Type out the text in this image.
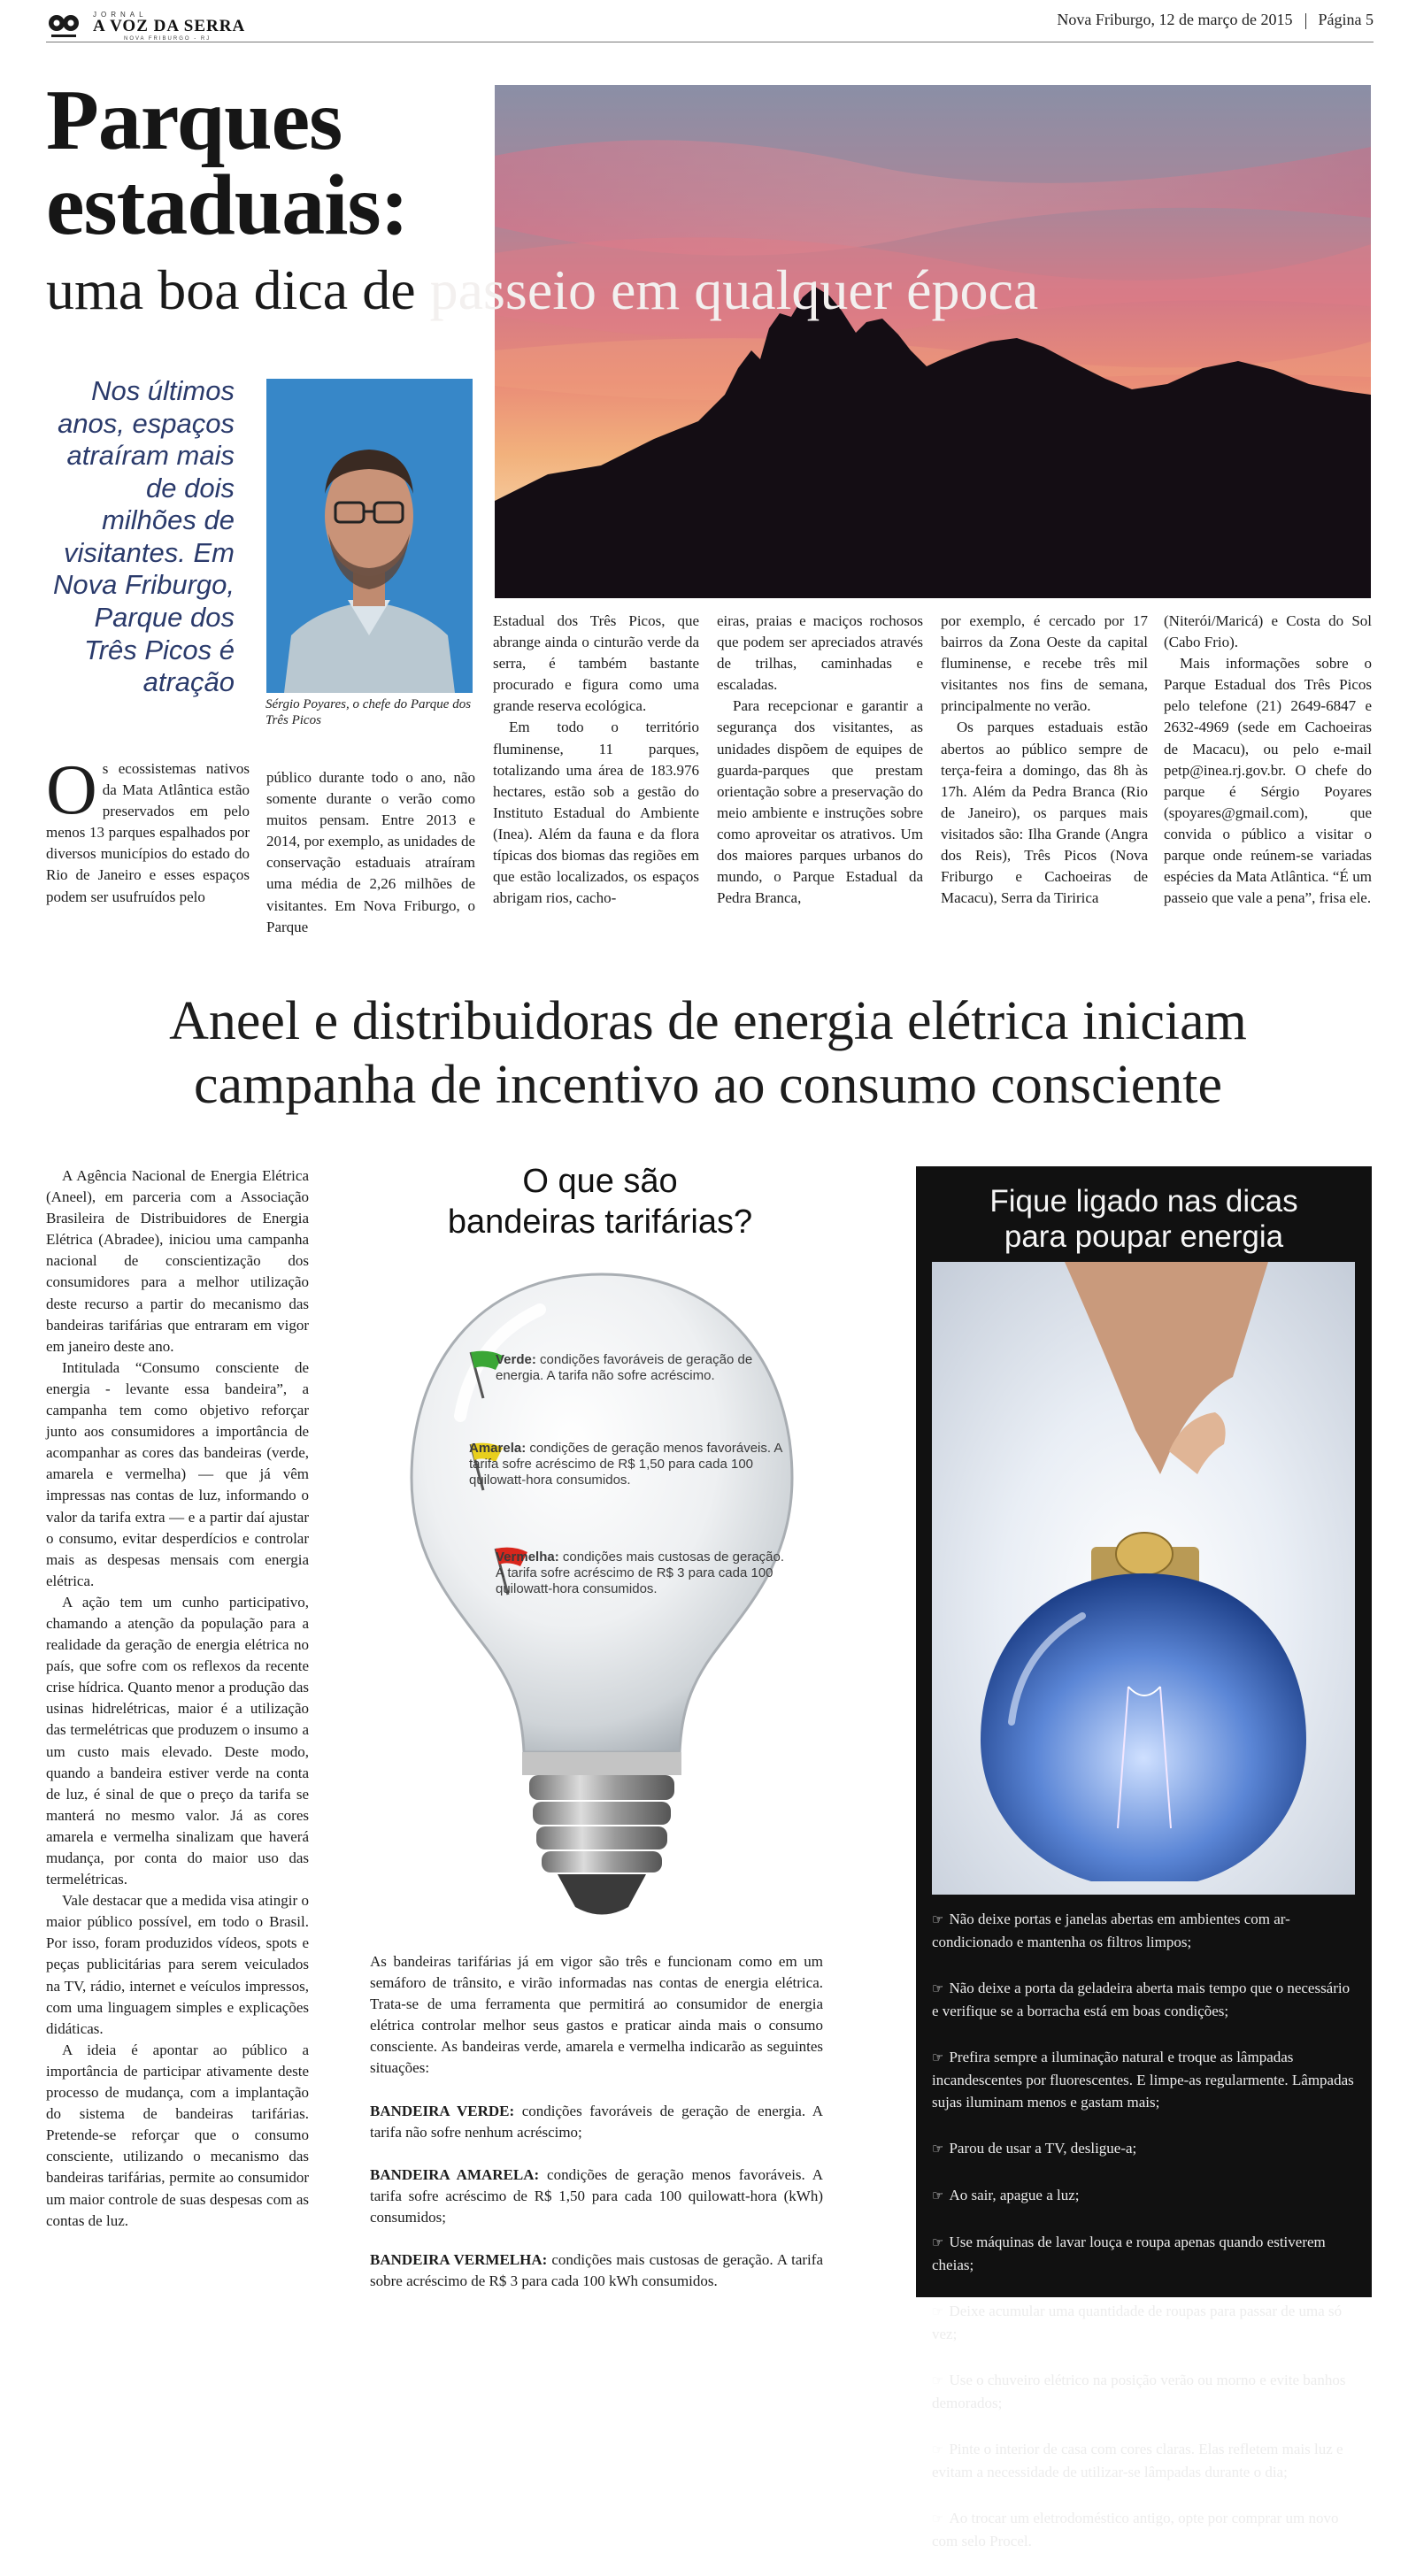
JORNAL
A VOZ DA SERRA
NOVA FRIBURGO - RJ
Nova Friburgo, 12 de março de 2015 Página 5
Parques
estaduais:
uma boa dica de passeio em qualquer época
Nos últimos anos, espaços atraíram mais de dois milhões de visitantes. Em Nova Friburgo, Parque dos Três Picos é atração
Sérgio Poyares, o chefe do Parque dos Três Picos

Os ecossistemas nativos da Mata Atlântica estão preservados em pelo menos 13 parques espalhados por diversos municípios do estado do Rio de Janeiro e esses espaços podem ser usufruídos pelo

público durante todo o ano, não somente durante o verão como muitos pensam. Entre 2013 e 2014, por exemplo, as unidades de conservação estaduais atraíram uma média de 2,26 milhões de visitantes. Em Nova Friburgo, o Parque

Estadual dos Três Picos, que abrange ainda o cinturão verde da serra, é também bastante procurado e figura como uma grande reserva ecológica.

Em todo o território fluminense, 11 parques, totalizando uma área de 183.976 hectares, estão sob a gestão do Instituto Estadual do Ambiente (Inea). Além da fauna e da flora típicas dos biomas das regiões em que estão localizados, os espaços abrigam rios, cacho-

eiras, praias e maciços rochosos que podem ser apreciados através de trilhas, caminhadas e escaladas.

Para recepcionar e garantir a segurança dos visitantes, as unidades dispõem de equipes de guarda-parques que prestam orientação sobre a preservação do meio ambiente e instruções sobre como aproveitar os atrativos. Um dos maiores parques urbanos do mundo, o Parque Estadual da Pedra Branca,

por exemplo, é cercado por 17 bairros da Zona Oeste da capital fluminense, e recebe três mil visitantes nos fins de semana, principalmente no verão.

Os parques estaduais estão abertos ao público sempre de terça-feira a domingo, das 8h às 17h. Além da Pedra Branca (Rio de Janeiro), os parques mais visitados são: Ilha Grande (Angra dos Reis), Três Picos (Nova Friburgo e Cachoeiras de Macacu), Serra da Tiririca

(Niterói/Maricá) e Costa do Sol (Cabo Frio).

Mais informações sobre o Parque Estadual dos Três Picos pelo telefone (21) 2649-6847 e 2632-4969 (sede em Cachoeiras de Macacu), ou pelo e-mail petp@inea.rj.gov.br. O chefe do parque é Sérgio Poyares (spoyares@gmail.com), que convida o público a visitar o parque onde reúnem-se variadas espécies da Mata Atlântica. “É um passeio que vale a pena”, frisa ele.

Aneel e distribuidoras de energia elétrica iniciam
campanha de incentivo ao consumo consciente

A Agência Nacional de Energia Elétrica (Aneel), em parceria com a Associação Brasileira de Distribuidores de Energia Elétrica (Abradee), iniciou uma campanha nacional de conscientização dos consumidores para a melhor utilização deste recurso a partir do mecanismo das bandeiras tarifárias que entraram em vigor em janeiro deste ano.

Intitulada “Consumo consciente de energia - levante essa bandeira”, a campanha tem como objetivo reforçar junto aos consumidores a importância de acompanhar as cores das bandeiras (verde, amarela e vermelha) — que já vêm impressas nas contas de luz, informando o valor da tarifa extra — e a partir daí ajustar o consumo, evitar desperdícios e controlar mais as despesas mensais com energia elétrica.

A ação tem um cunho participativo, chamando a atenção da população para a realidade da geração de energia elétrica no país, que sofre com os reflexos da recente crise hídrica. Quanto menor a produção das usinas hidrelétricas, maior é a utilização das termelétricas que produzem o insumo a um custo mais elevado. Deste modo, quando a bandeira estiver verde na conta de luz, é sinal de que o preço da tarifa se manterá no mesmo valor. Já as cores amarela e vermelha sinalizam que haverá mudança, por conta do maior uso das termelétricas.

Vale destacar que a medida visa atingir o maior público possível, em todo o Brasil. Por isso, foram produzidos vídeos, spots e peças publicitárias para serem veiculados na TV, rádio, internet e veículos impressos, com uma linguagem simples e explicações didáticas.

A ideia é apontar ao público a importância de participar ativamente deste processo de mudança, com a implantação do sistema de bandeiras tarifárias. Pretende-se reforçar que o consumo consciente, utilizando o mecanismo das bandeiras tarifárias, permite ao consumidor um maior controle de suas despesas com as contas de luz.

O que são
bandeiras tarifárias?
Verde: condições favoráveis de geração de energia. A tarifa não sofre acréscimo.
Amarela: condições de geração menos favoráveis. A tarifa sofre acréscimo de R$ 1,50 para cada 100 quilowatt-hora consumidos.
Vermelha: condições mais custosas de geração. A tarifa sofre acréscimo de R$ 3 para cada 100 quilowatt-hora consumidos.

As bandeiras tarifárias já em vigor são três e funcionam como em um semáforo de trânsito, e virão informadas nas contas de energia elétrica. Trata-se de uma ferramenta que permitirá ao consumidor de energia elétrica controlar melhor seus gastos e praticar ainda mais o consumo consciente. As bandeiras verde, amarela e vermelha indicarão as seguintes situações:

BANDEIRA VERDE: condições favoráveis de geração de energia. A tarifa não sofre nenhum acréscimo;

BANDEIRA AMARELA: condições de geração menos favoráveis. A tarifa sofre acréscimo de R$ 1,50 para cada 100 quilowatt-hora (kWh) consumidos;

BANDEIRA VERMELHA: condições mais custosas de geração. A tarifa sobre acréscimo de R$ 3 para cada 100 kWh consumidos.

Fique ligado nas dicas
para poupar energia
☞ Não deixe portas e janelas abertas em ambientes com ar-condicionado e mantenha os filtros limpos;
☞ Não deixe a porta da geladeira aberta mais tempo que o necessário e verifique se a borracha está em boas condições;
☞ Prefira sempre a iluminação natural e troque as lâmpadas incandescentes por fluorescentes. E limpe-as regularmente. Lâmpadas sujas iluminam menos e gastam mais;
☞ Parou de usar a TV, desligue-a;
☞ Ao sair, apague a luz;
☞ Use máquinas de lavar louça e roupa apenas quando estiverem cheias;
☞ Deixe acumular uma quantidade de roupas para passar de uma só vez;
☞ Use o chuveiro elétrico na posição verão ou morno e evite banhos demorados;
☞ Pinte o interior de casa com cores claras. Elas refletem mais luz e evitam a necessidade de utilizar-se lâmpadas durante o dia;
☞ Ao trocar um eletrodoméstico antigo, opte por comprar um novo com selo Procel.
